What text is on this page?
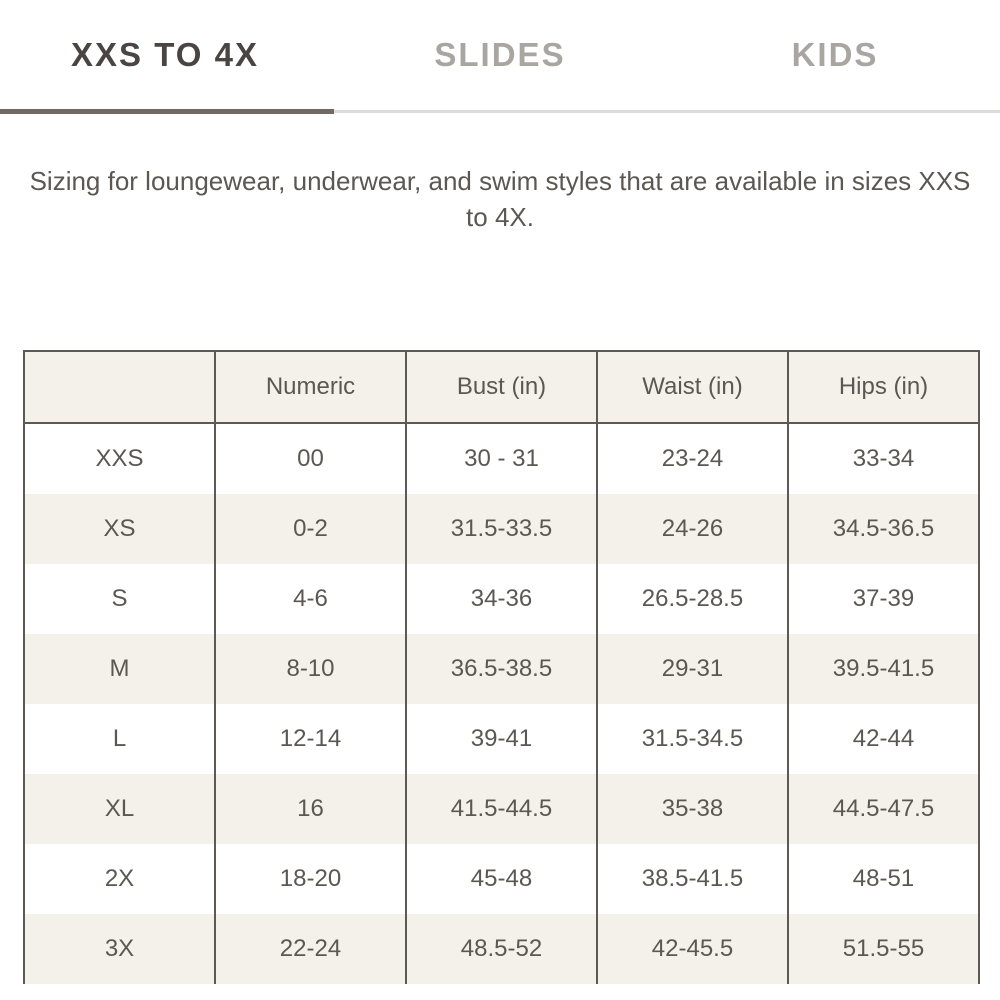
XXS TO 4X	SLIDES	KIDS
Sizing for loungewear, underwear, and swim styles that are available in sizes XXS to 4X.
	Numeric	Bust (in)	Waist (in)	Hips (in)
XXS	00	30 - 31	23-24	33-34
XS	0-2	31.5-33.5	24-26	34.5-36.5
S	4-6	34-36	26.5-28.5	37-39
M	8-10	36.5-38.5	29-31	39.5-41.5
L	12-14	39-41	31.5-34.5	42-44
XL	16	41.5-44.5	35-38	44.5-47.5
2X	18-20	45-48	38.5-41.5	48-51
3X	22-24	48.5-52	42-45.5	51.5-55
